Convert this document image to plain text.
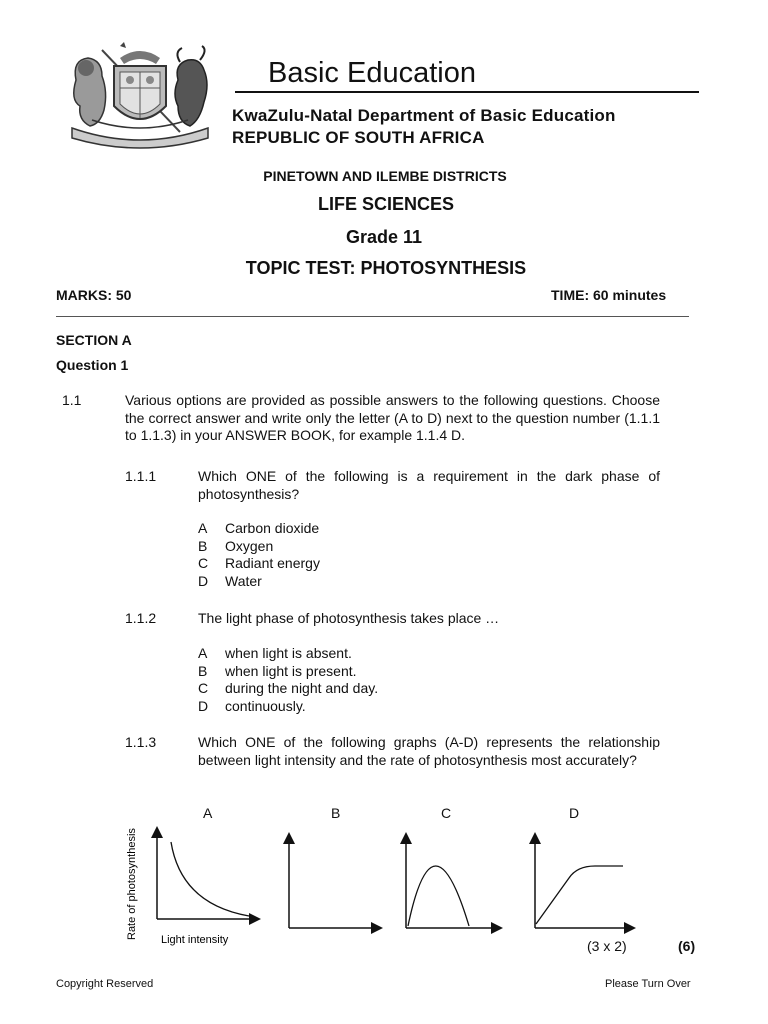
Basic Education
KwaZulu-Natal Department of Basic Education
REPUBLIC OF SOUTH AFRICA
PINETOWN AND ILEMBE DISTRICTS
LIFE SCIENCES
Grade 11
TOPIC TEST: PHOTOSYNTHESIS
MARKS: 50	TIME: 60 minutes
SECTION A
Question 1
1.1	Various options are provided as possible answers to the following questions. Choose the correct answer and write only the letter (A to D) next to the question number (1.1.1 to 1.1.3) in your ANSWER BOOK, for example 1.1.4 D.
1.1.1	Which ONE of the following is a requirement in the dark phase of photosynthesis?
A Carbon dioxide
B Oxygen
C Radiant energy
D Water
1.1.2	The light phase of photosynthesis takes place …
A when light is absent.
B when light is present.
C during the night and day.
D continuously.
1.1.3	Which ONE of the following graphs (A-D) represents the relationship between light intensity and the rate of photosynthesis most accurately?
A	B	C	D
Rate of photosynthesis Light intensity	(3 x 2)	(6)
Copyright Reserved	Please Turn Over
